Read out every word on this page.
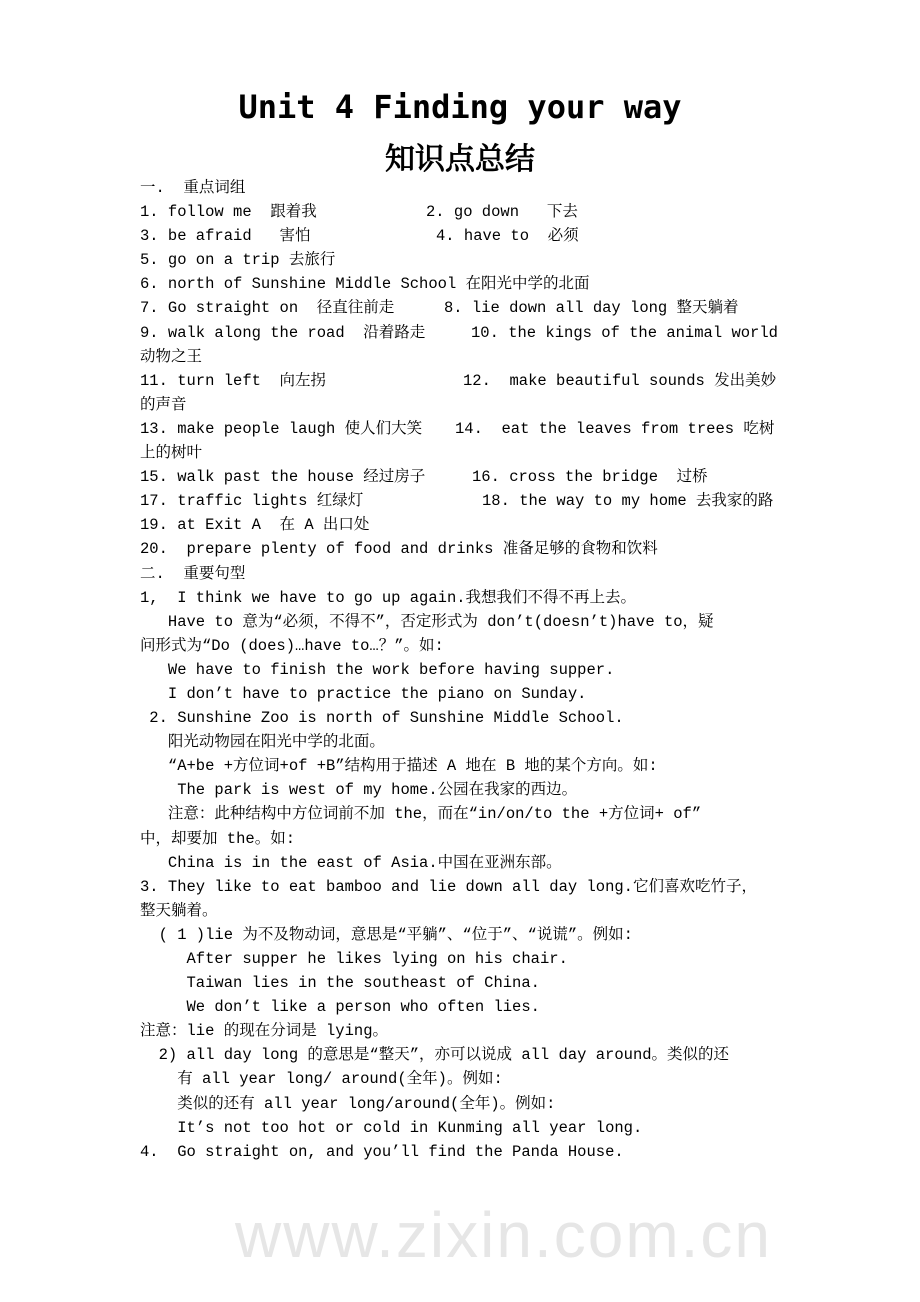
www.zixin.com.cn
Unit 4 Finding your way
知识点总结
一.  重点词组
1. follow me  跟着我	2. go down   下去
3. be afraid   害怕	4. have to  必须
5. go on a trip 去旅行
6. north of Sunshine Middle School 在阳光中学的北面
7. Go straight on  径直往前走	8. lie down all day long 整天躺着
9. walk along the road  沿着路走	10. the kings of the animal world
动物之王
11. turn left  向左拐	12.  make beautiful sounds 发出美妙
的声音
13. make people laugh 使人们大笑 14.  eat the leaves from trees 吃树
上的树叶
15. walk past the house 经过房子	16. cross the bridge  过桥
17. traffic lights 红绿灯	18. the way to my home 去我家的路
19. at Exit A  在 A 出口处
20.  prepare plenty of food and drinks 准备足够的食物和饮料
二.  重要句型
1,  I think we have to go up again.我想我们不得不再上去。
Have to 意为“必须，不得不”，否定形式为 don’t(doesn’t)have to，疑
问形式为“Do (does)…have to…？”。如:
We have to finish the work before having supper.
I don’t have to practice the piano on Sunday.
2. Sunshine Zoo is north of Sunshine Middle School.
阳光动物园在阳光中学的北面。
“A+be +方位词+of +B”结构用于描述 A 地在 B 地的某个方向。如:
The park is west of my home.公园在我家的西边。
注意：此种结构中方位词前不加 the，而在“in/on/to the +方位词+ of”
中，却要加 the。如:
China is in the east of Asia.中国在亚洲东部。
3. They like to eat bamboo and lie down all day long.它们喜欢吃竹子，
整天躺着。
( 1 )lie 为不及物动词，意思是“平躺”、“位于”、“说谎”。例如:
After supper he likes lying on his chair.
Taiwan lies in the southeast of China.
We don’t like a person who often lies.
注意：lie 的现在分词是 lying。
2) all day long 的意思是“整天”，亦可以说成 all day around。类似的还
有 all year long/ around(全年)。例如:
类似的还有 all year long/around(全年)。例如:
It’s not too hot or cold in Kunming all year long.
4.  Go straight on, and you’ll find the Panda House.
